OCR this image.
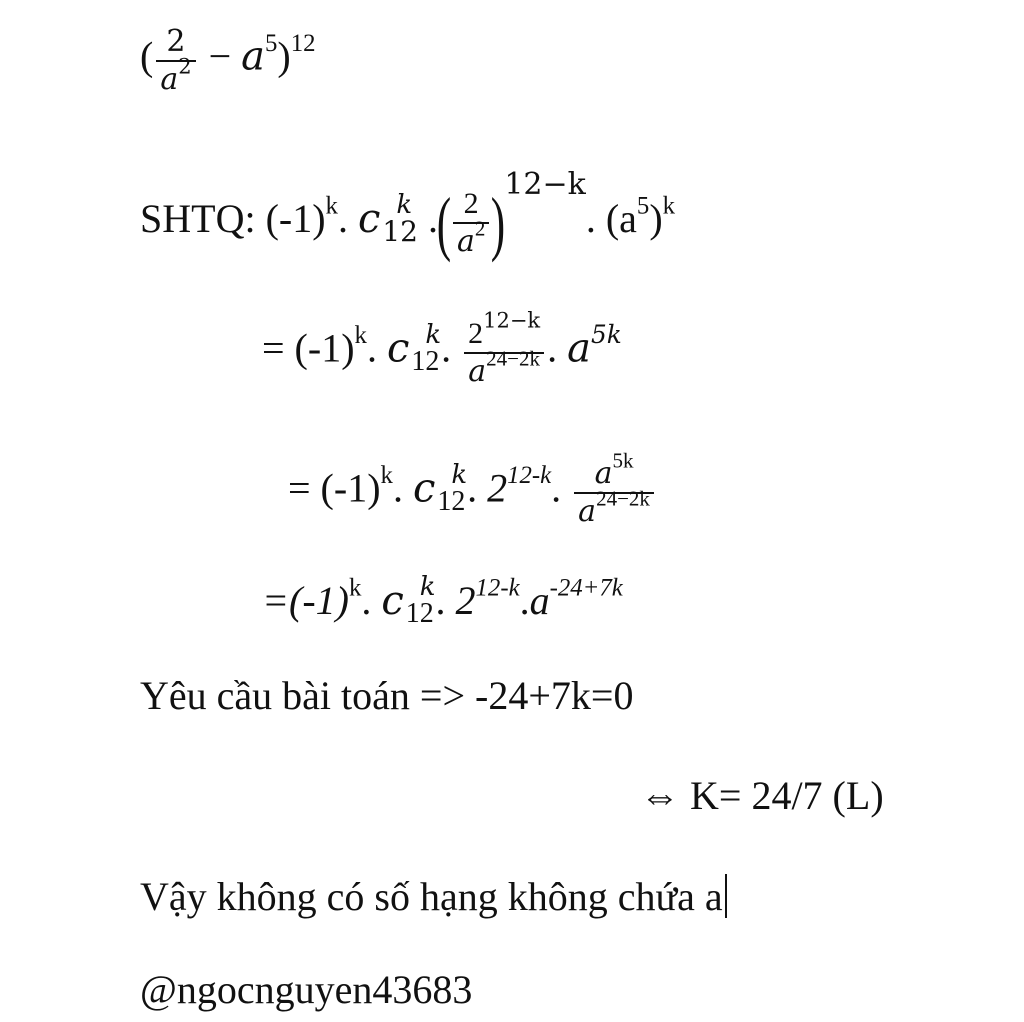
( $\frac{2}{a^2} - a^5)^{12}$
SHTQ: $(-1)^k$. c k
12 .( $\frac{2}{a^2} )^{12-k}$. $(a^5)^k$
= $(-1)^k$. c k
12 . $\frac{2^{12-k}}{a^{24-2k}}$ . $a^{5k}$
= $(-1)^k$. c k
12 . 2$^{12-k}$. $\frac{a^{5k}}{a^{24-2k}}$
$=(-1)^k$. c k
12 . $2^{12-k}.a^{-24+7k}$
Yêu cầu bài toán => -24+7k=0
⇔ K= 24/7 (L)
Vậy không có số hạng không chứa a
@ngocnguyen43683
